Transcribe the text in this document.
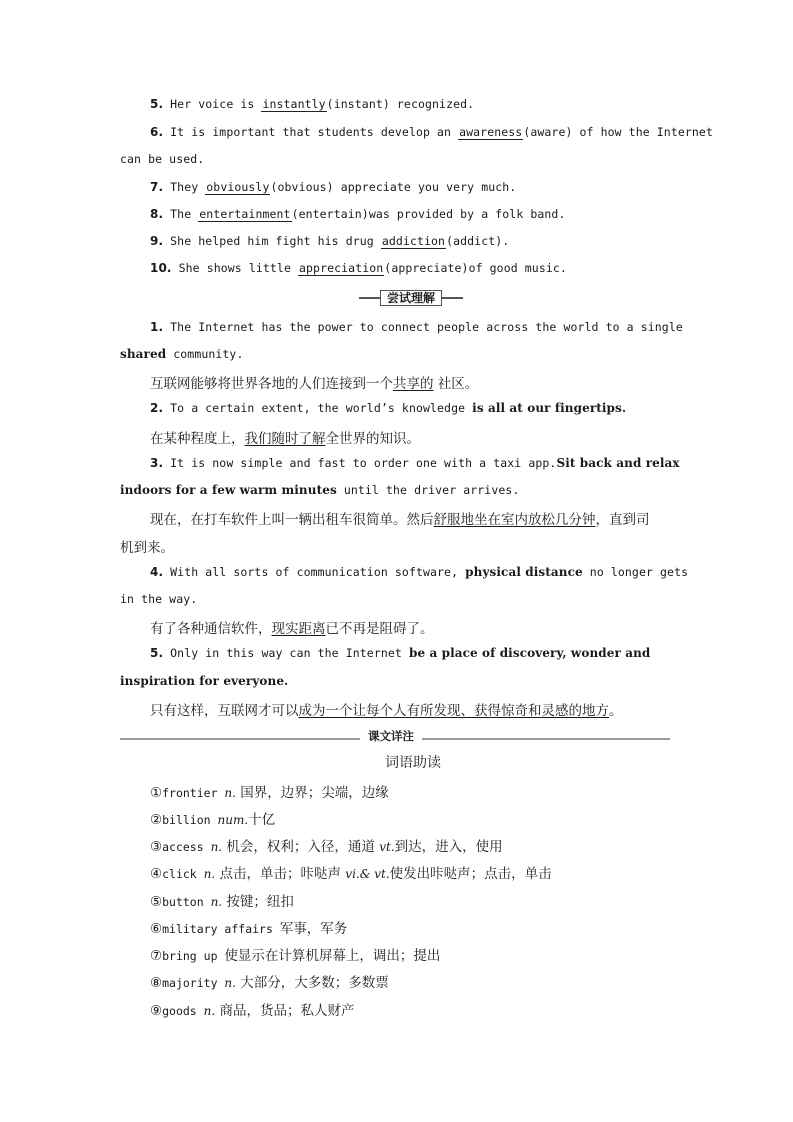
5. Her voice is instantly(instant) recognized.
6. It is important that students develop an awareness(aware) of how the Internet
can be used.
7. They obviously(obvious) appreciate you very much.
8. The entertainment(entertain)was provided by a folk band.
9. She helped him fight his drug addiction(addict).
10. She shows little appreciation(appreciate)of good music.
尝试理解
1. The Internet has the power to connect people across the world to a single
shared community.
互联网能够将世界各地的人们连接到一个共享的 社区。
2. To a certain extent, the world’s knowledge is all at our fingertips.
在某种程度上，我们随时了解全世界的知识。
3. It is now simple and fast to order one with a taxi app.Sit back and relax
indoors for a few warm minutes until the driver arrives.
现在，在打车软件上叫一辆出租车很简单。然后舒服地坐在室内放松几分钟，直到司
机到来。
4. With all sorts of communication software, physical distance no longer gets
in the way.
有了各种通信软件，现实距离已不再是阻碍了。
5. Only in this way can the Internet be a place of discovery, wonder and
inspiration for everyone.
只有这样，互联网才可以成为一个让每个人有所发现、获得惊奇和灵感的地方。
课文详注
词语助读
①frontier n. 国界，边界；尖端，边缘
②billion num.十亿
③access n. 机会，权利；入径，通道 vt.到达，进入，使用
④click n. 点击，单击；咔哒声 vi.& vt.使发出咔哒声；点击，单击
⑤button n. 按键；纽扣
⑥military affairs 军事，军务
⑦bring up 使显示在计算机屏幕上，调出；提出
⑧majority n. 大部分，大多数；多数票
⑨goods n. 商品，货品；私人财产
